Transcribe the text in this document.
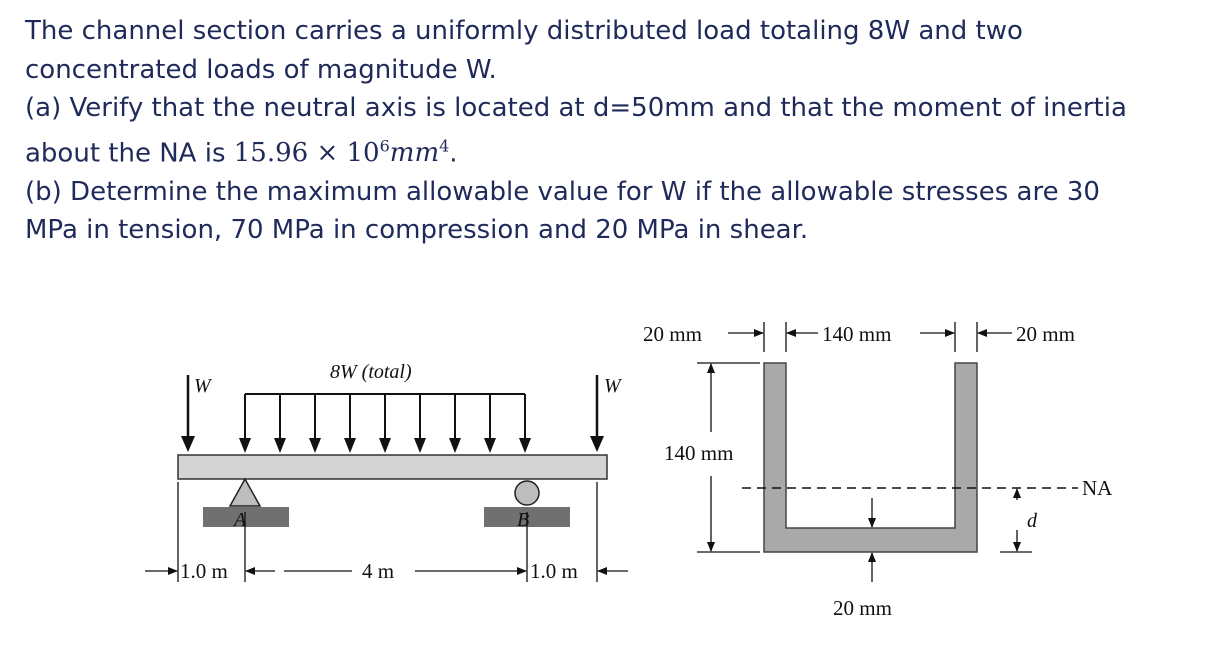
The channel section carries a uniformly distributed load totaling 8W and two

concentrated loads of magnitude W.

(a) Verify that the neutral axis is located at d=50mm and that the moment of inertia

about the NA is $15.96 \times 10^6mm^4$.

(b) Determine the maximum allowable value for W if the allowable stresses are 30

MPa in tension, 70 MPa in compression and 20 MPa in shear.

W	W
8W (total)
A	B
1.0 m	4 m	1.0 m
20 mm	140 mm	20 mm
140 mm
NA
d
20 mm
